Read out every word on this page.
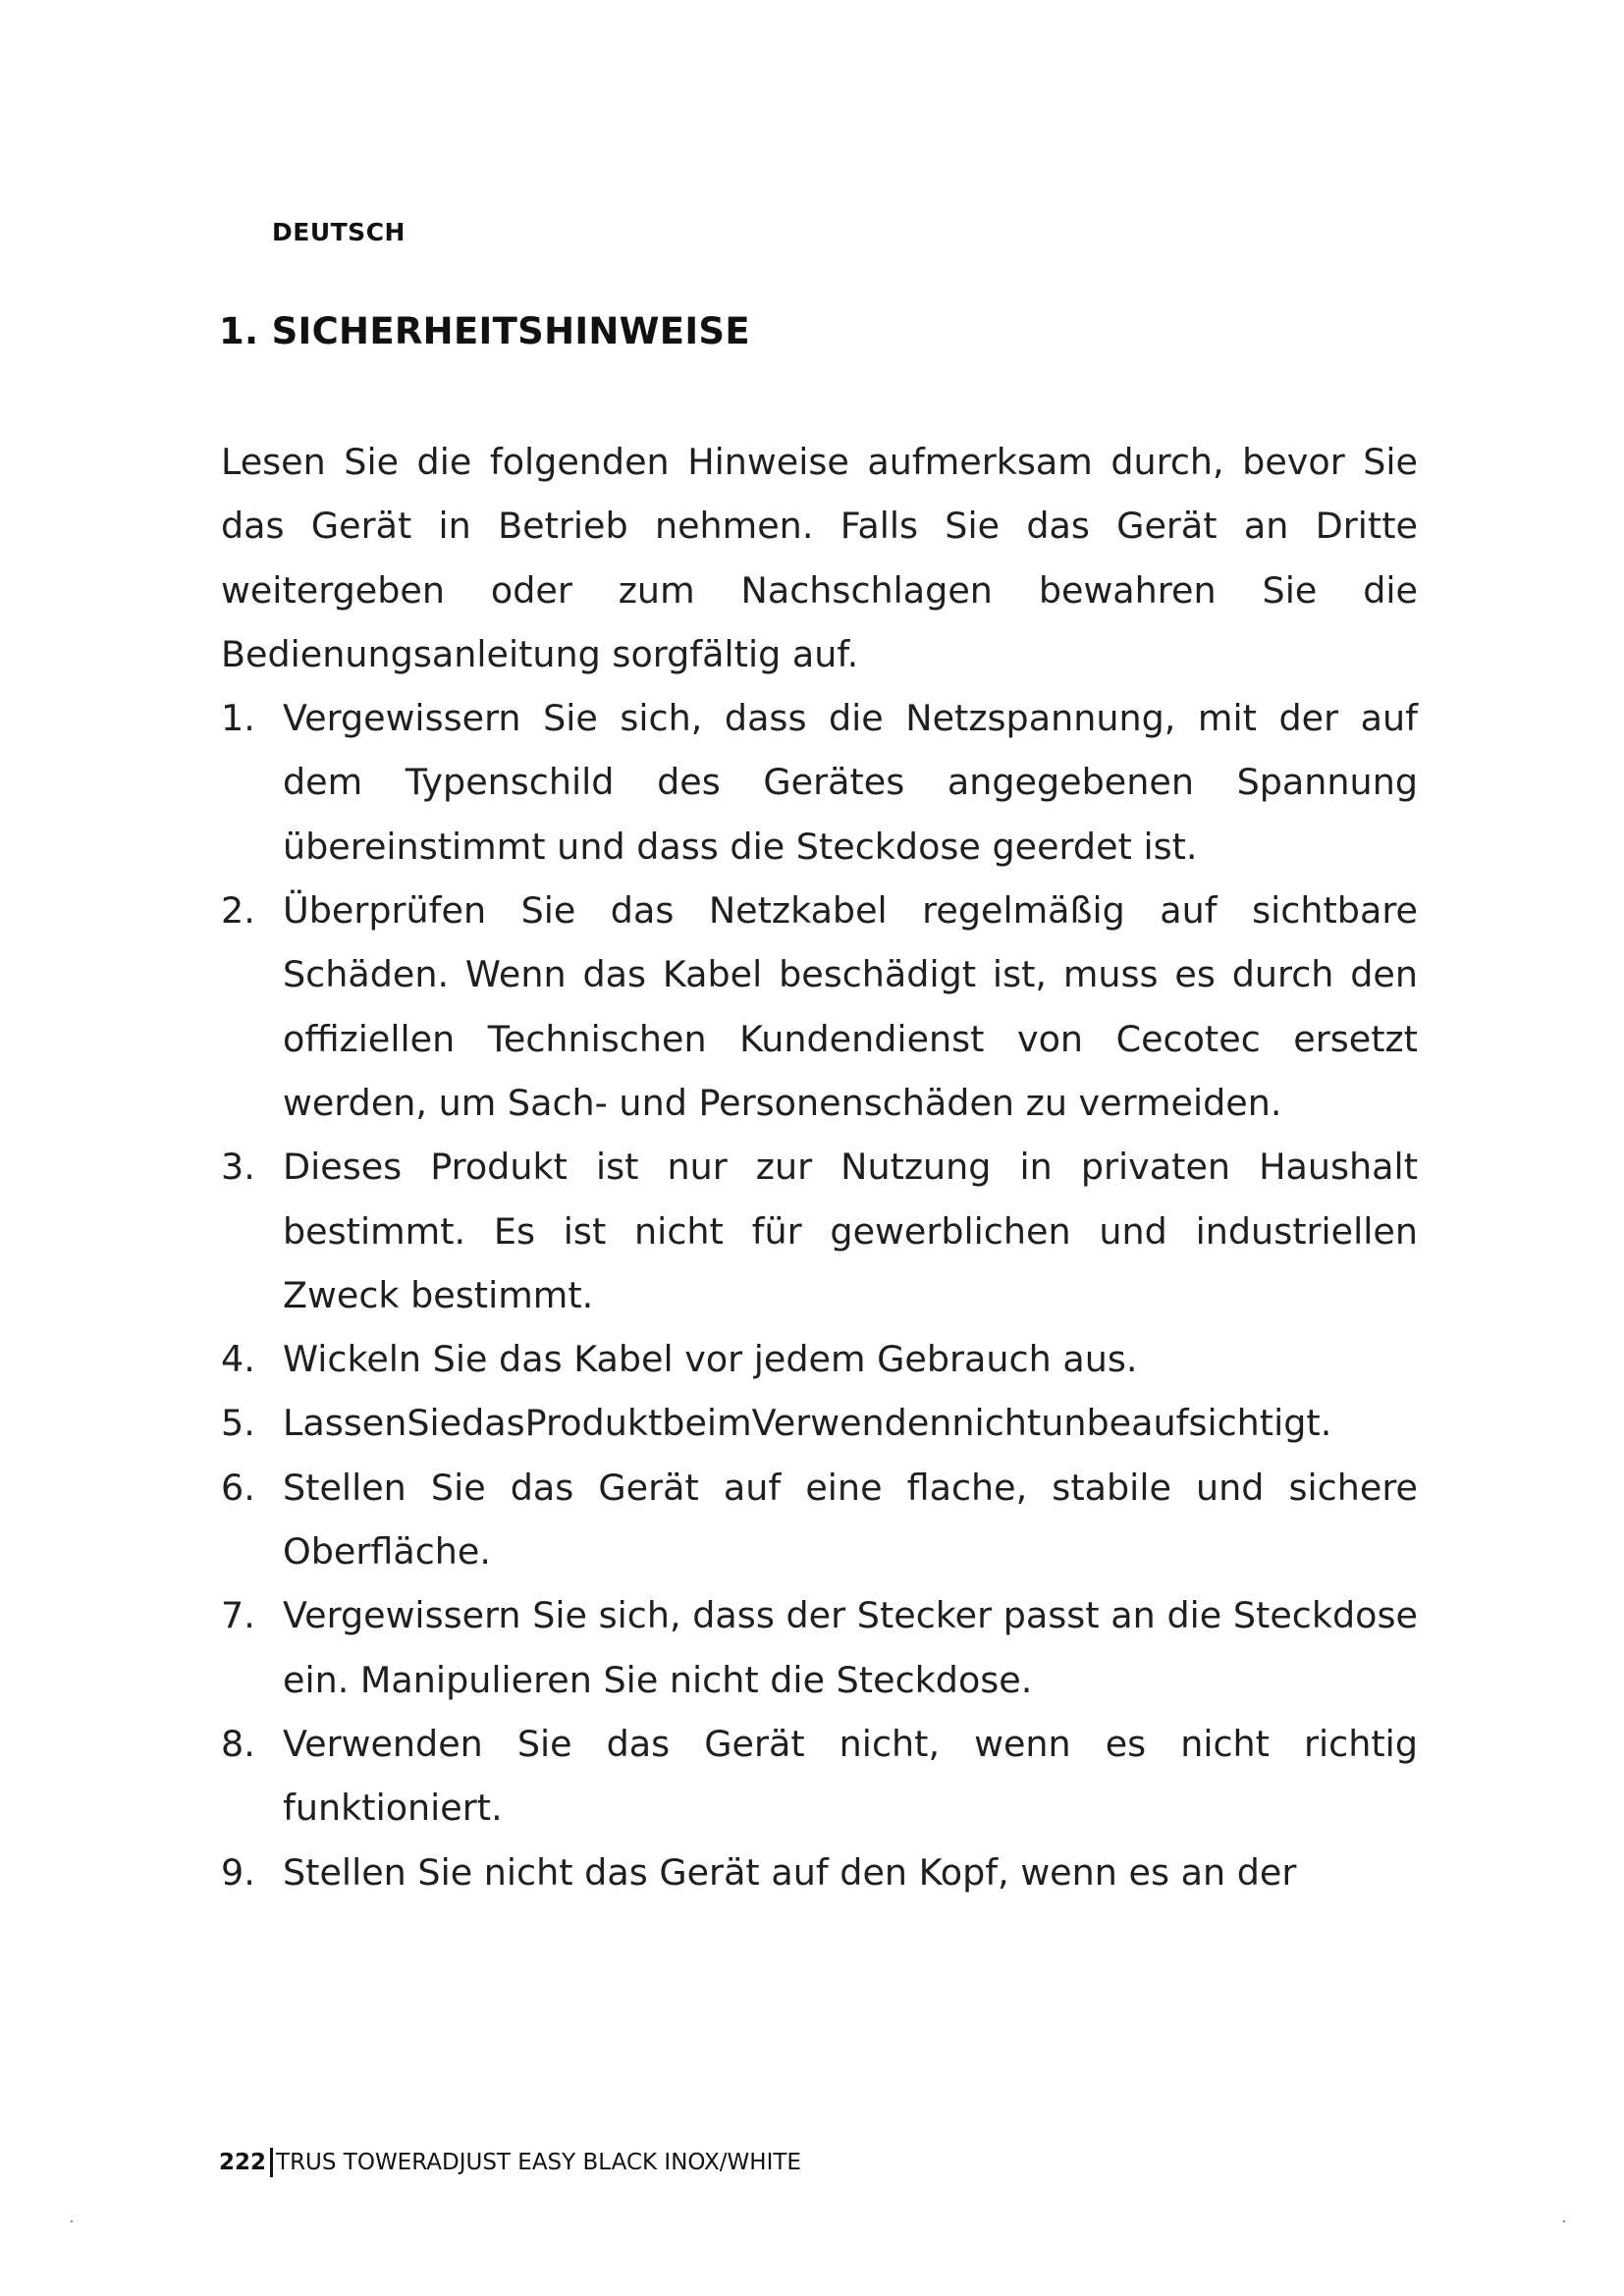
DEUTSCH
1. SICHERHEITSHINWEISE

Lesen Sie die folgenden Hinweise aufmerksam durch, bevor Sie das Gerät in Betrieb nehmen. Falls Sie das Gerät an Dritte weitergeben oder zum Nachschlagen bewahren Sie die Bedienungsanleitung sorgfältig auf.

1. Vergewissern Sie sich, dass die Netzspannung, mit der auf dem Typenschild des Gerätes angegebenen Spannung übereinstimmt und dass die Steckdose geerdet ist.
2. Überprüfen Sie das Netzkabel regelmäßig auf sichtbare Schäden. Wenn das Kabel beschädigt ist, muss es durch den offiziellen Technischen Kundendienst von Cecotec ersetzt werden, um Sach- und Personenschäden zu vermeiden.
3. Dieses Produkt ist nur zur Nutzung in privaten Haushalt bestimmt. Es ist nicht für gewerblichen und industriellen Zweck bestimmt.
4. Wickeln Sie das Kabel vor jedem Gebrauch aus.
5. LassenSiedasProduktbeimVerwendennichtunbeaufsichtigt.
6. Stellen Sie das Gerät auf eine flache, stabile und sichere Oberfläche.
7. Vergewissern Sie sich, dass der Stecker passt an die Steckdose ein. Manipulieren Sie nicht die Steckdose.
8. Verwenden Sie das Gerät nicht, wenn es nicht richtig funktioniert.
9. Stellen Sie nicht das Gerät auf den Kopf, wenn es an der
222 TRUS TOWERADJUST EASY BLACK INOX/WHITE
